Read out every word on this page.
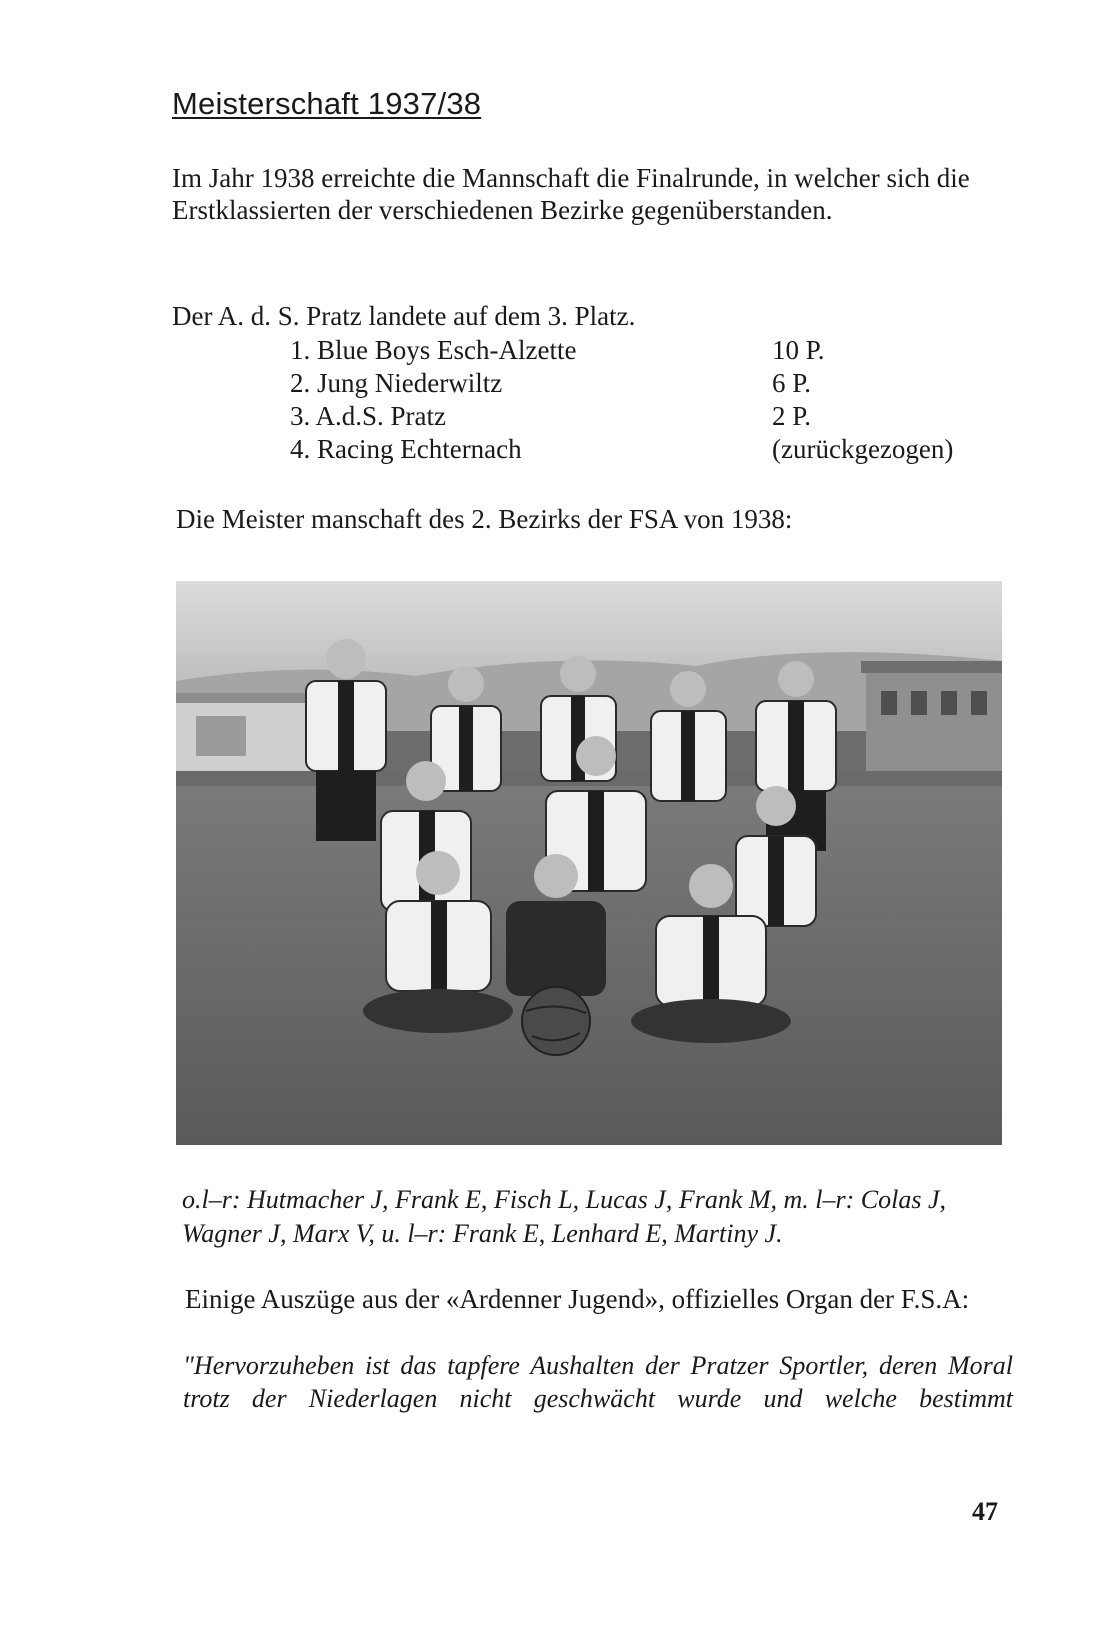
Meisterschaft 1937/38

Im Jahr 1938 erreichte die Mannschaft die Finalrunde, in welcher sich die Erstklassierten der verschiedenen Bezirke gegenüberstanden.

Der A. d. S. Pratz landete auf dem 3. Platz.

1. Blue Boys Esch-Alzette	10 P.
2. Jung Niederwiltz	6 P.
3. A.d.S. Pratz	2 P.
4. Racing Echternach	(zurückgezogen)

Die Meister manschaft des 2. Bezirks der FSA von 1938:

o.l–r: Hutmacher J, Frank E, Fisch L, Lucas J, Frank M, m. l–r: Colas J, Wagner J, Marx V, u. l–r: Frank E, Lenhard E, Martiny J.

Einige Auszüge aus der «Ardenner Jugend», offizielles Organ der F.S.A:

"Hervorzuheben ist das tapfere Aushalten der Pratzer Sportler, deren Moral trotz der Niederlagen nicht geschwächt wurde und welche bestimmt

47
